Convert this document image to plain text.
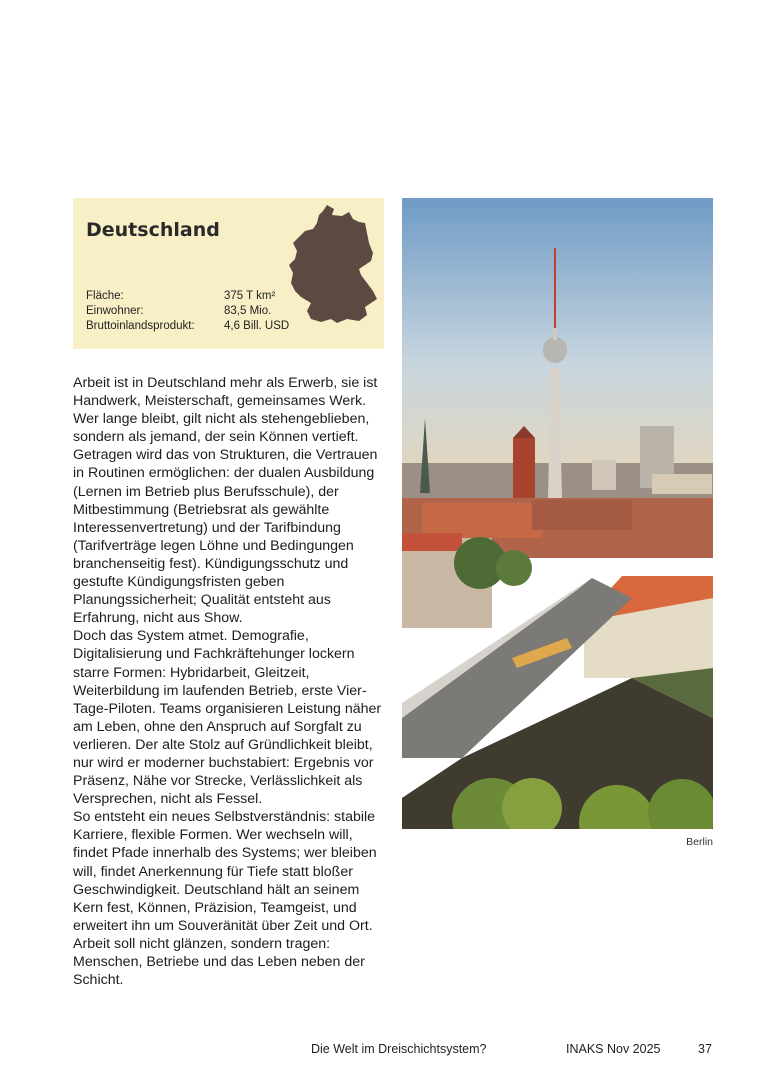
Deutschland
Fläche:	375 T km²
Einwohner:	83,5 Mio.
Bruttoinlandsprodukt:	4,6 Bill. USD

Arbeit ist in Deutschland mehr als Erwerb, sie ist Handwerk, Meisterschaft, gemeinsames Werk. Wer lange bleibt, gilt nicht als stehengeblieben, sondern als jemand, der sein Können vertieft. Getragen wird das von Strukturen, die Vertrauen in Routinen ermöglichen: der dualen Ausbildung (Lernen im Betrieb plus Berufsschule), der Mitbestimmung (Betriebsrat als gewählte Interessenvertretung) und der Tarifbindung (Tarifverträge legen Löhne und Bedingungen branchenseitig fest). Kündigungsschutz und gestufte Kündigungsfristen geben Planungssicherheit; Qualität entsteht aus Erfahrung, nicht aus Show.

Doch das System atmet. Demografie, Digitalisierung und Fachkräftehunger lockern starre Formen: Hybridarbeit, Gleitzeit, Weiterbildung im laufenden Betrieb, erste Vier-Tage-Piloten. Teams organisieren Leistung näher am Leben, ohne den Anspruch auf Sorgfalt zu verlieren. Der alte Stolz auf Gründlichkeit bleibt, nur wird er moderner buchstabiert: Ergebnis vor Präsenz, Nähe vor Strecke, Verlässlichkeit als Versprechen, nicht als Fessel.

So entsteht ein neues Selbstverständnis: stabile Karriere, flexible Formen. Wer wechseln will, findet Pfade innerhalb des Systems; wer bleiben will, findet Anerkennung für Tiefe statt bloßer Geschwindigkeit. Deutschland hält an seinem Kern fest, Können, Präzision, Teamgeist, und erweitert ihn um Souveränität über Zeit und Ort. Arbeit soll nicht glänzen, sondern tragen: Menschen, Betriebe und das Leben neben der Schicht.

Berlin
Die Welt im Dreischichtsystem?	INAKS Nov 2025	37
